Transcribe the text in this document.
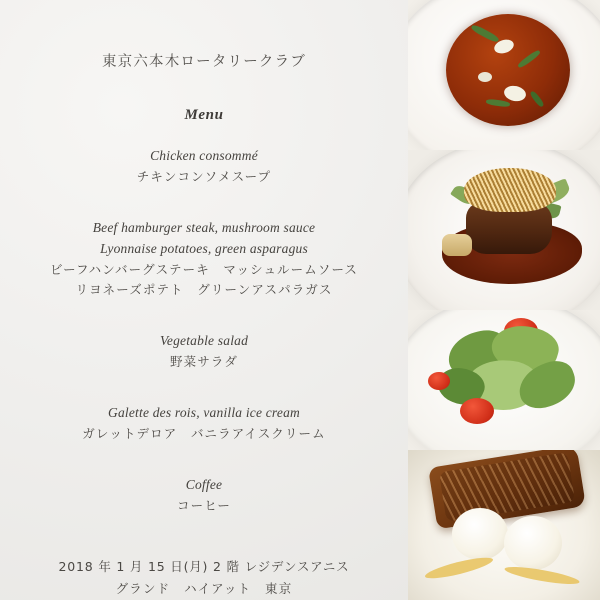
東京六本木ロータリークラブ
Menu
Chicken consommé
チキンコンソメスープ
Beef hamburger steak, mushroom sauce
Lyonnaise potatoes, green asparagus
ビーフハンバーグステーキ　マッシュルームソース
リヨネーズポテト　グリーンアスパラガス
Vegetable salad
野菜サラダ
Galette des rois, vanilla ice cream
ガレットデロア　バニラアイスクリーム
Coffee
コーヒー
2018 年 1 月 15 日(月) 2 階 レジデンスアニス
グランド　ハイアット　東京
